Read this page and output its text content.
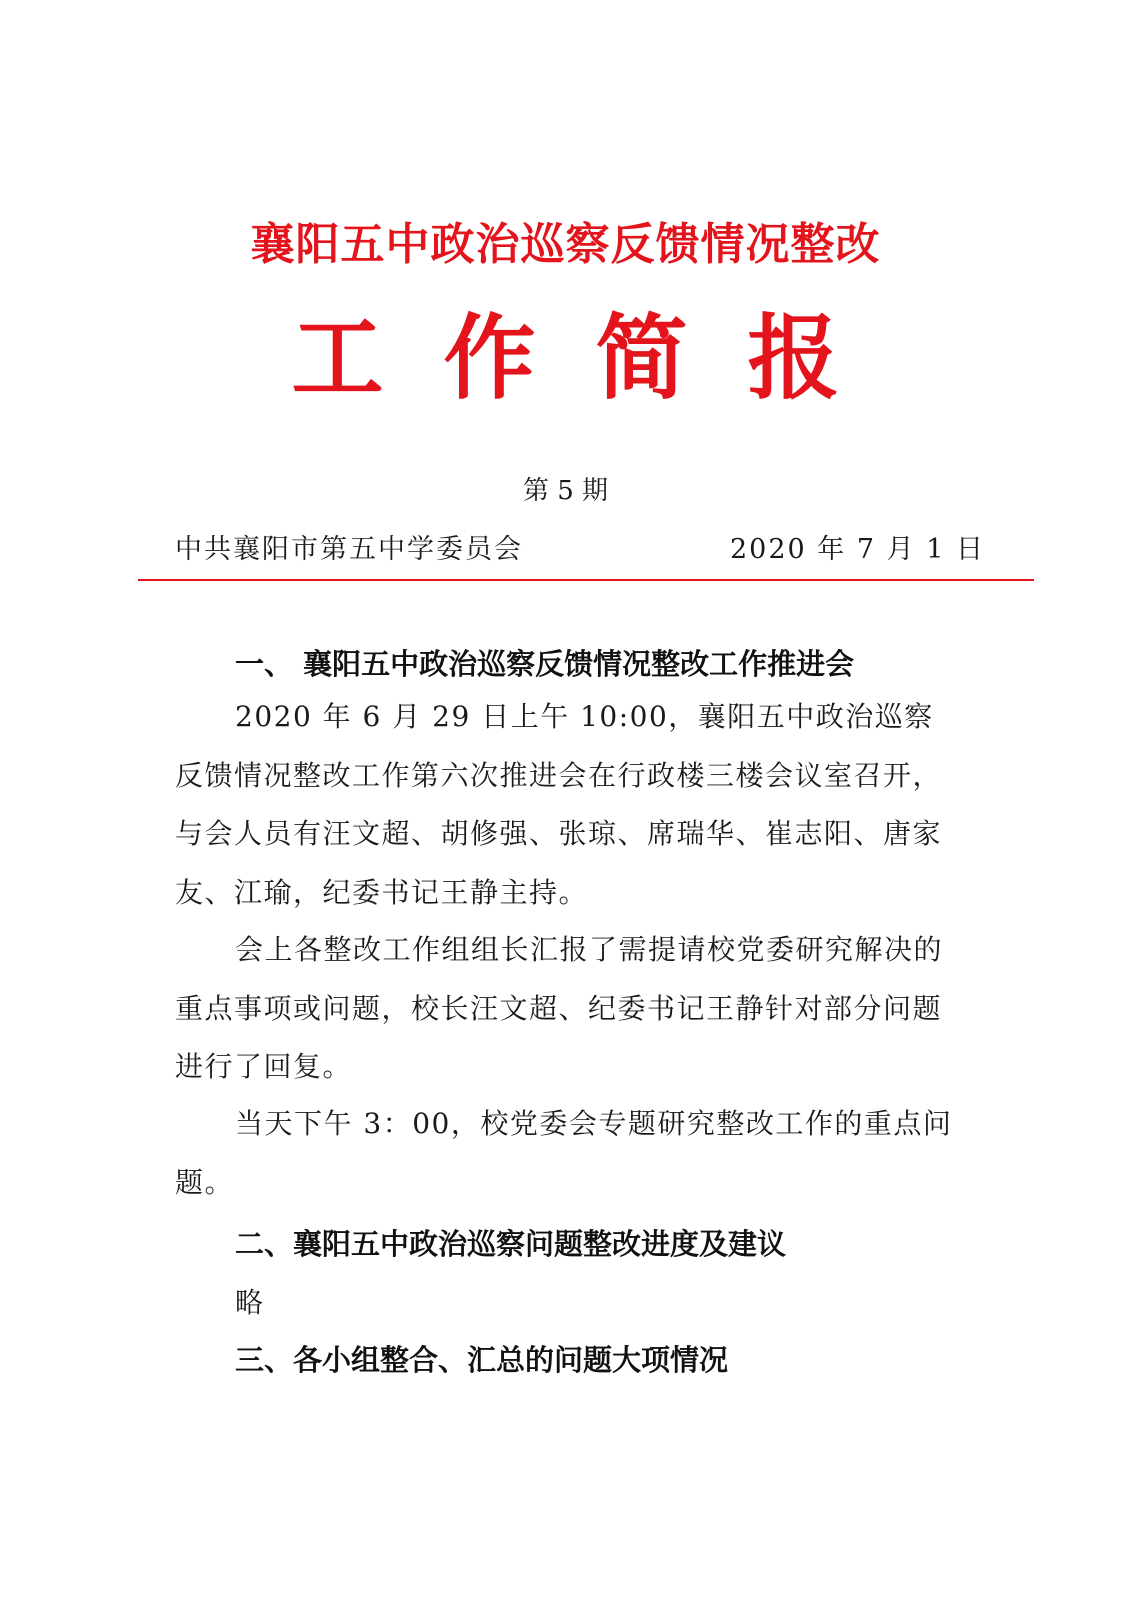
襄阳五中政治巡察反馈情况整改
工作简报
第 5 期
中共襄阳市第五中学委员会	2020 年 7 月 1 日
一、 襄阳五中政治巡察反馈情况整改工作推进会
2020 年 6 月 29 日上午 10:00，襄阳五中政治巡察反馈情况整改工作第六次推进会在行政楼三楼会议室召开，与会人员有汪文超、胡修强、张琼、席瑞华、崔志阳、唐家友、江瑜，纪委书记王静主持。
会上各整改工作组组长汇报了需提请校党委研究解决的重点事项或问题，校长汪文超、纪委书记王静针对部分问题进行了回复。
当天下午 3：00，校党委会专题研究整改工作的重点问题。
二、襄阳五中政治巡察问题整改进度及建议
略
三、各小组整合、汇总的问题大项情况
